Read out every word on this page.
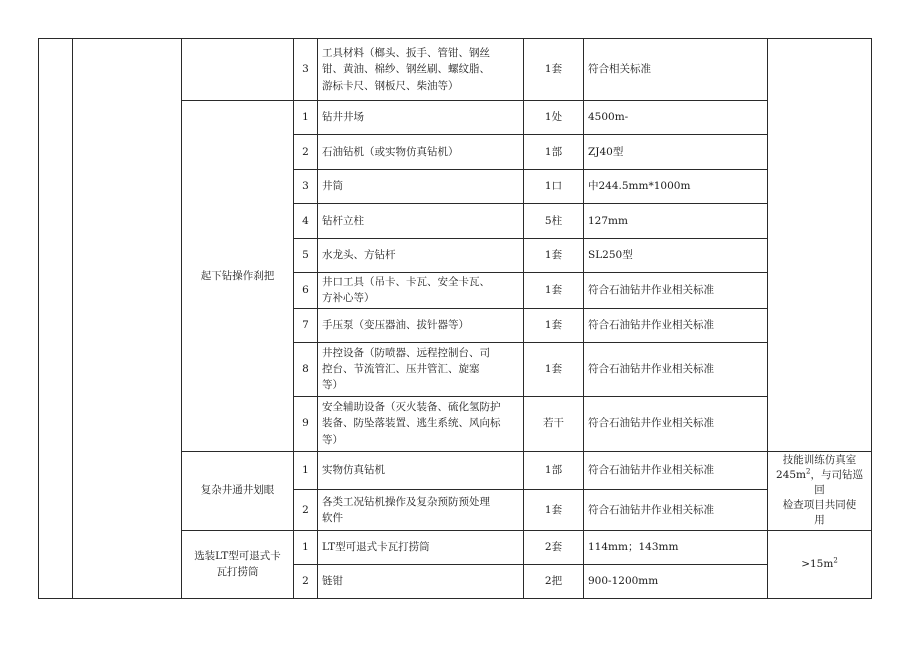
			3	工具材料（榔头、扳手、管钳、钢丝
钳、黄油、棉纱、钢丝刷、螺纹脂、
游标卡尺、钢板尺、柴油等）	1套	符合相关标准	
		起下钻操作刹把	1	钻井井场	1处	4500m-	
			2	石油钻机（或实物仿真钻机）	1部	ZJ40型	
			3	井筒	1口	中244.5mm*1000m	
			4	钻杆立柱	5柱	127mm	
			5	水龙头、方钻杆	1套	SL250型	
			6	井口工具（吊卡、卡瓦、安全卡瓦、
方补心等）	1套	符合石油钻井作业相关标准	
			7	手压泵（变压器油、拔针器等）	1套	符合石油钻井作业相关标准	
			8	井控设备（防喷器、远程控制台、司
控台、节流管汇、压井管汇、旋塞
等）	1套	符合石油钻井作业相关标准	
			9	安全辅助设备（灭火装备、硫化氢防护
装备、防坠落装置、逃生系统、风向标
等）	若干	符合石油钻井作业相关标准	
		复杂井通井划眼	1	实物仿真钻机	1部	符合石油钻井作业相关标准	技能训练仿真室
$245m^2$，与司钻巡回
检查项目共同使
用

			2	各类工况钻机操作及复杂预防预处理
软件	1套	符合石油钻井作业相关标准	

		选装LT型可退式卡
瓦打捞筒	1	LT型可退式卡瓦打捞筒	2套	114mm；143mm	$>15m^2$
			2	链钳	2把	900-1200mm	
